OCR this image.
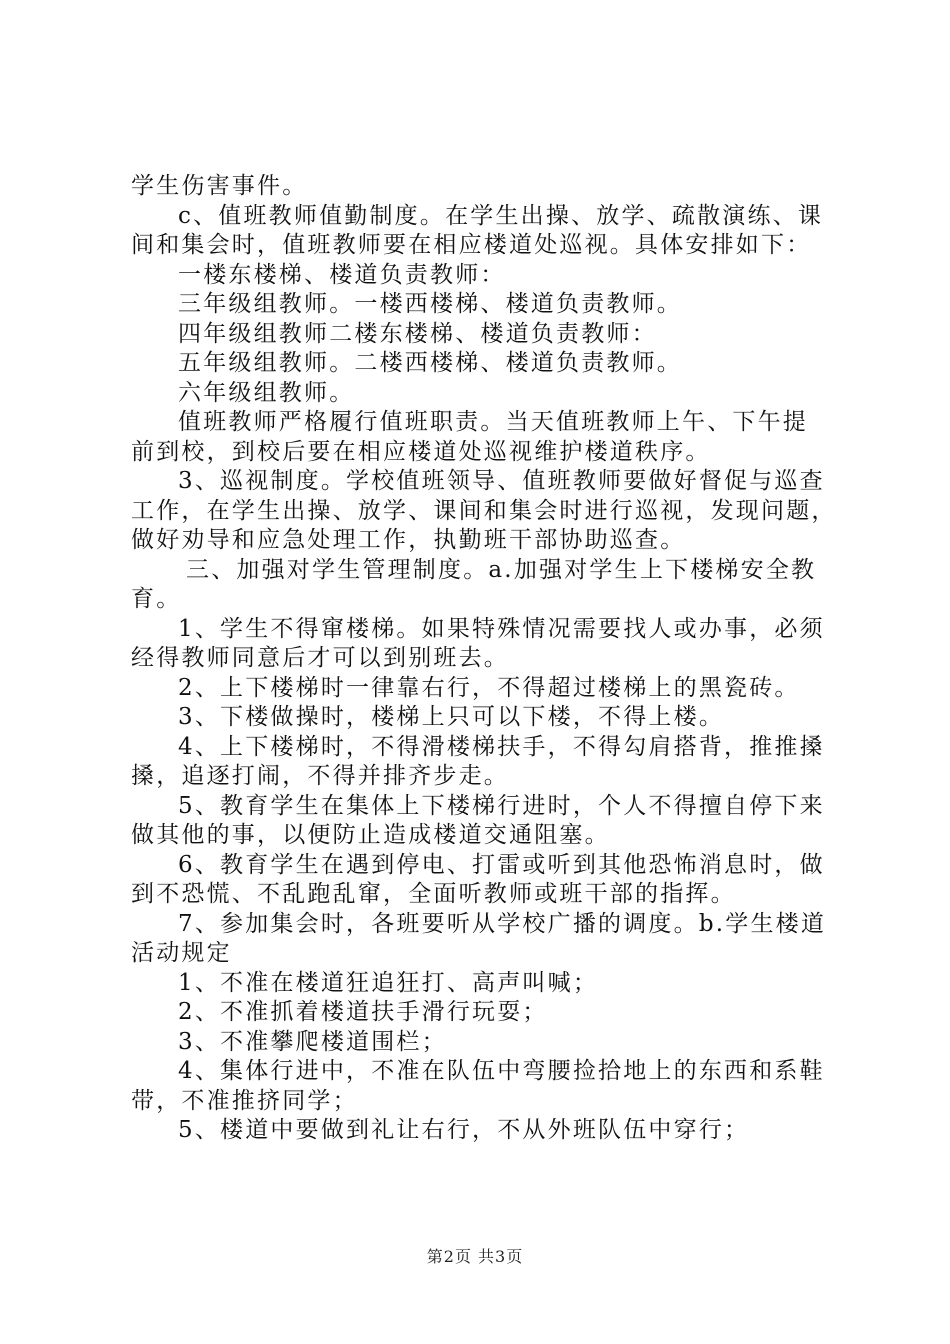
学生伤害事件。
c、值班教师值勤制度。在学生出操、放学、疏散演练、课
间和集会时，值班教师要在相应楼道处巡视。具体安排如下：
一楼东楼梯、楼道负责教师：
三年级组教师。一楼西楼梯、楼道负责教师。
四年级组教师二楼东楼梯、楼道负责教师：
五年级组教师。二楼西楼梯、楼道负责教师。
六年级组教师。
值班教师严格履行值班职责。当天值班教师上午、下午提
前到校，到校后要在相应楼道处巡视维护楼道秩序。
3、巡视制度。学校值班领导、值班教师要做好督促与巡查
工作，在学生出操、放学、课间和集会时进行巡视，发现问题，
做好劝导和应急处理工作，执勤班干部协助巡查。
三、加强对学生管理制度。a.加强对学生上下楼梯安全教
育。
1、学生不得窜楼梯。如果特殊情况需要找人或办事，必须
经得教师同意后才可以到别班去。
2、上下楼梯时一律靠右行，不得超过楼梯上的黑瓷砖。
3、下楼做操时，楼梯上只可以下楼，不得上楼。
4、上下楼梯时，不得滑楼梯扶手，不得勾肩搭背，推推搡
搡，追逐打闹，不得并排齐步走。
5、教育学生在集体上下楼梯行进时，个人不得擅自停下来
做其他的事，以便防止造成楼道交通阻塞。
6、教育学生在遇到停电、打雷或听到其他恐怖消息时，做
到不恐慌、不乱跑乱窜，全面听教师或班干部的指挥。
7、参加集会时，各班要听从学校广播的调度。b.学生楼道
活动规定
1、不准在楼道狂追狂打、高声叫喊；
2、不准抓着楼道扶手滑行玩耍；
3、不准攀爬楼道围栏；
4、集体行进中，不准在队伍中弯腰捡拾地上的东西和系鞋
带，不准推挤同学；
5、楼道中要做到礼让右行，不从外班队伍中穿行；
第2页 共3页
